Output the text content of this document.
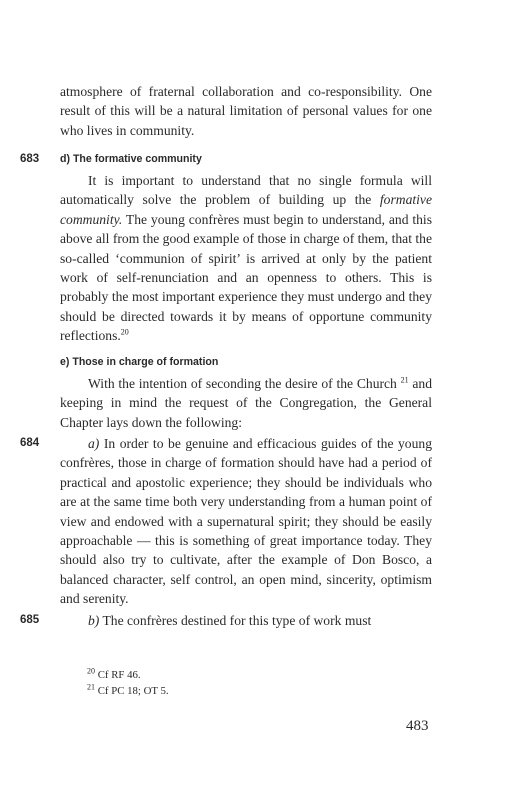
atmosphere of fraternal collaboration and co-responsibility. One result of this will be a natural limitation of personal values for one who lives in community.
683 d) The formative community
It is important to understand that no single formula will automatically solve the problem of building up the formative community. The young confrères must begin to understand, and this above all from the good example of those in charge of them, that the so-called ‘communion of spirit’ is arrived at only by the patient work of self-renunciation and an openness to others. This is probably the most important experience they must undergo and they should be directed towards it by means of opportune community reflections.$^{20}$
e) Those in charge of formation
With the intention of seconding the desire of the Church $^{21}$ and keeping in mind the request of the Congregation, the General Chapter lays down the following:
684	a) In order to be genuine and efficacious guides of the young confrères, those in charge of formation should have had a period of practical and apostolic experience; they should be individuals who are at the same time both very understanding from a human point of view and endowed with a supernatural spirit; they should be easily approachable — this is something of great importance today. They should also try to cultivate, after the example of Don Bosco, a balanced character, self control, an open mind, sincerity, optimism and serenity.
685	b) The confrères destined for this type of work must
$^{20}$ Cf RF 46.
$^{21}$ Cf PC 18; OT 5.
483
